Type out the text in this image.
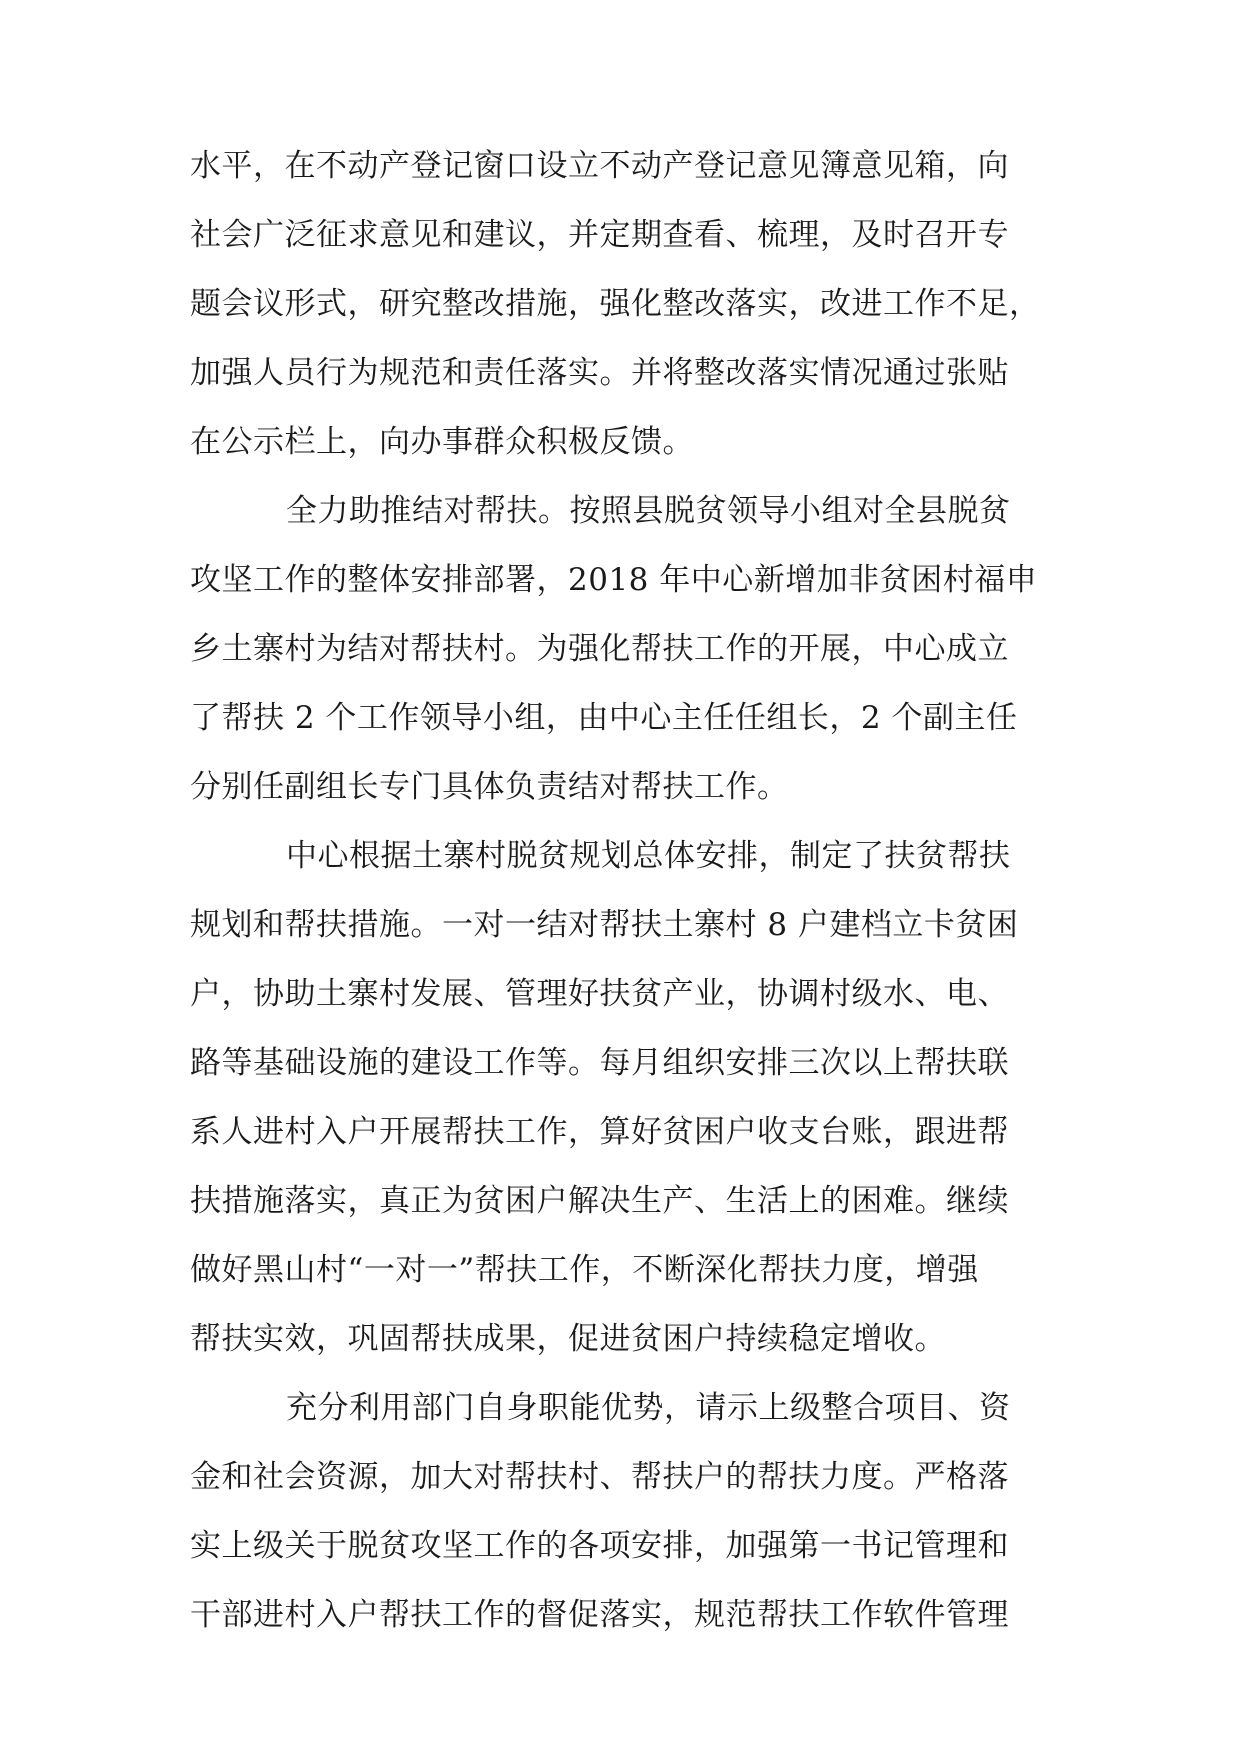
水平，在不动产登记窗口设立不动产登记意见簿意见箱，向
社会广泛征求意见和建议，并定期查看、梳理，及时召开专
题会议形式，研究整改措施，强化整改落实，改进工作不足，
加强人员行为规范和责任落实。并将整改落实情况通过张贴
在公示栏上，向办事群众积极反馈。
全力助推结对帮扶。按照县脱贫领导小组对全县脱贫
攻坚工作的整体安排部署，2018 年中心新增加非贫困村福申
乡土寨村为结对帮扶村。为强化帮扶工作的开展，中心成立
了帮扶 2 个工作领导小组，由中心主任任组长，2 个副主任
分别任副组长专门具体负责结对帮扶工作。
中心根据土寨村脱贫规划总体安排，制定了扶贫帮扶
规划和帮扶措施。一对一结对帮扶土寨村 8 户建档立卡贫困
户，协助土寨村发展、管理好扶贫产业，协调村级水、电、
路等基础设施的建设工作等。每月组织安排三次以上帮扶联
系人进村入户开展帮扶工作，算好贫困户收支台账，跟进帮
扶措施落实，真正为贫困户解决生产、生活上的困难。继续
做好黑山村“一对一”帮扶工作，不断深化帮扶力度，增强
帮扶实效，巩固帮扶成果，促进贫困户持续稳定增收。
充分利用部门自身职能优势，请示上级整合项目、资
金和社会资源，加大对帮扶村、帮扶户的帮扶力度。严格落
实上级关于脱贫攻坚工作的各项安排，加强第一书记管理和
干部进村入户帮扶工作的督促落实，规范帮扶工作软件管理
